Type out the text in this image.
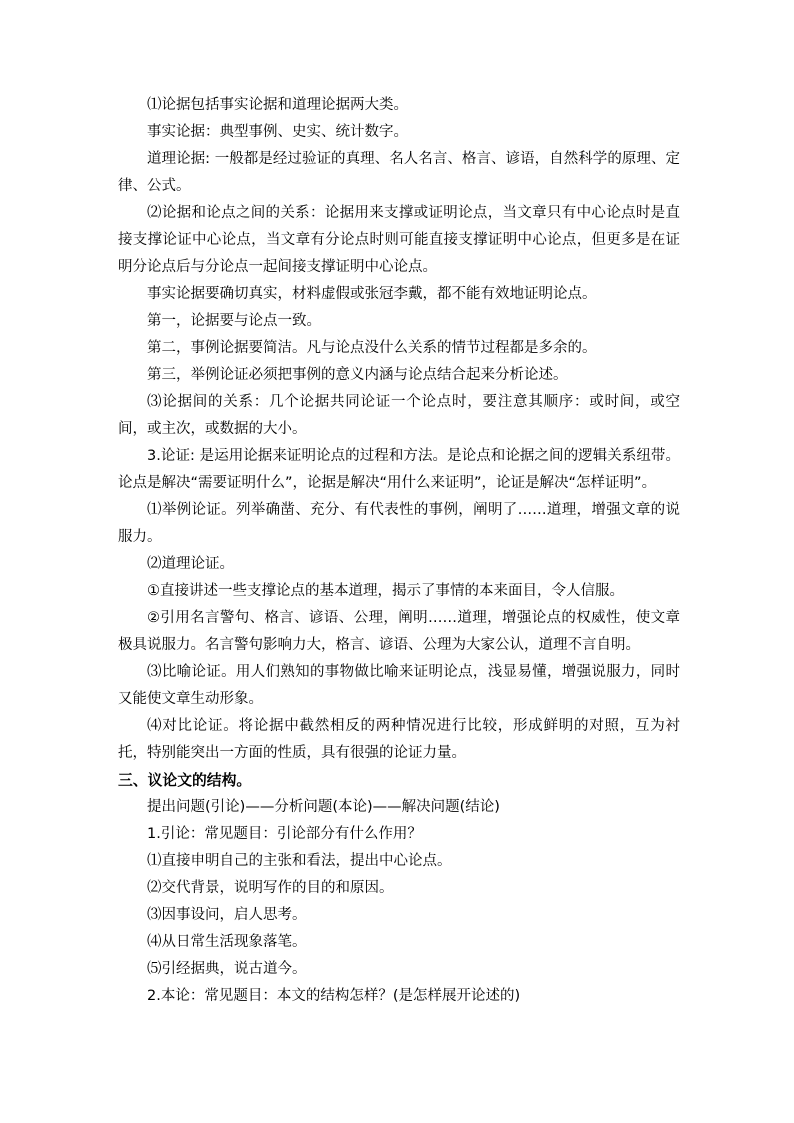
⑴论据包括事实论据和道理论据两大类。

事实论据：典型事例、史实、统计数字。

道理论据: 一般都是经过验证的真理、名人名言、格言、谚语，自然科学的原理、定律、公式。

⑵论据和论点之间的关系：论据用来支撑或证明论点，当文章只有中心论点时是直接支撑论证中心论点，当文章有分论点时则可能直接支撑证明中心论点，但更多是在证明分论点后与分论点一起间接支撑证明中心论点。

事实论据要确切真实，材料虚假或张冠李戴，都不能有效地证明论点。

第一，论据要与论点一致。

第二，事例论据要简洁。凡与论点没什么关系的情节过程都是多余的。

第三，举例论证必须把事例的意义内涵与论点结合起来分析论述。

⑶论据间的关系：几个论据共同论证一个论点时，要注意其顺序：或时间，或空间，或主次，或数据的大小。

3.论证: 是运用论据来证明论点的过程和方法。是论点和论据之间的逻辑关系纽带。论点是解决“需要证明什么”，论据是解决“用什么来证明”，论证是解决“怎样证明”。

⑴举例论证。列举确凿、充分、有代表性的事例，阐明了……道理，增强文章的说服力。

⑵道理论证。

①直接讲述一些支撑论点的基本道理，揭示了事情的本来面目，令人信服。

②引用名言警句、格言、谚语、公理，阐明……道理，增强论点的权威性，使文章极具说服力。名言警句影响力大，格言、谚语、公理为大家公认，道理不言自明。

⑶比喻论证。用人们熟知的事物做比喻来证明论点，浅显易懂，增强说服力，同时又能使文章生动形象。

⑷对比论证。将论据中截然相反的两种情况进行比较，形成鲜明的对照，互为衬托，特别能突出一方面的性质，具有很强的论证力量。

三、议论文的结构。

提出问题(引论)——分析问题(本论)——解决问题(结论)

1.引论：常见题目：引论部分有什么作用？

⑴直接申明自己的主张和看法，提出中心论点。

⑵交代背景，说明写作的目的和原因。

⑶因事设问，启人思考。

⑷从日常生活现象落笔。

⑸引经据典，说古道今。

2.本论：常见题目：本文的结构怎样？(是怎样展开论述的)
